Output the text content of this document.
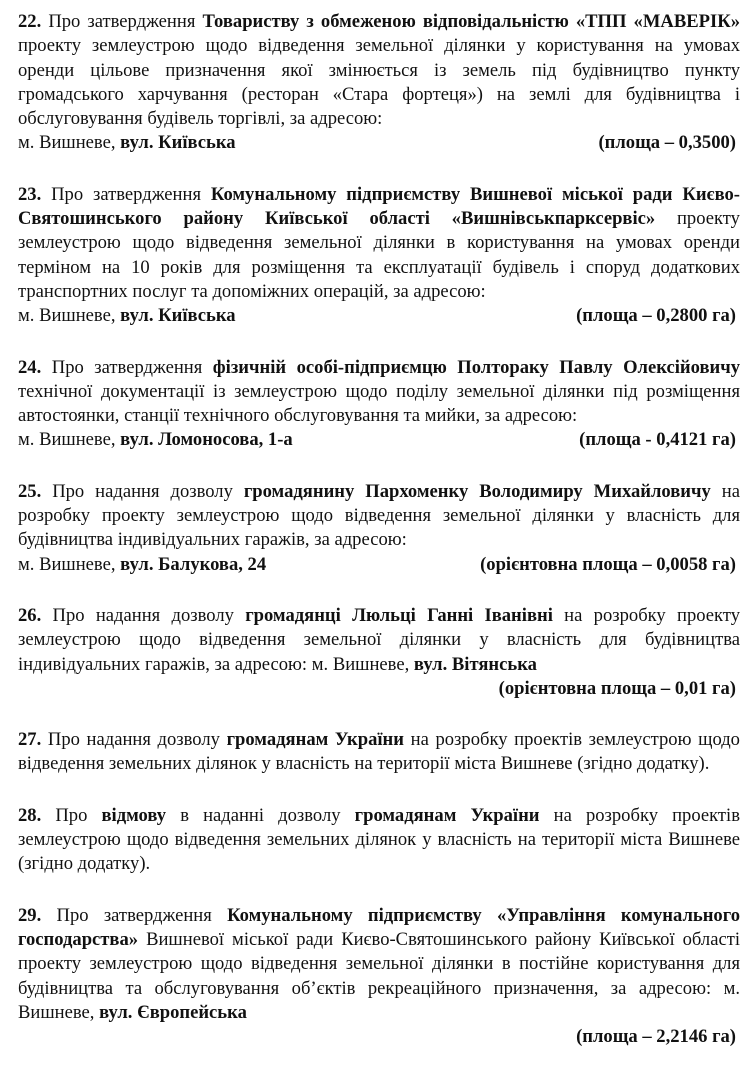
22. Про затвердження Товариству з обмеженою відповідальністю «ТПП «МАВЕРІК» проекту землеустрою щодо відведення земельної ділянки у користування на умовах оренди цільове призначення якої змінюється із земель під будівництво пункту громадського харчування (ресторан «Стара фортеця») на землі для будівництва і обслуговування будівель торгівлі, за адресою:

м. Вишневе, вул. Київська	(площа – 0,3500)

23. Про затвердження Комунальному підприємству Вишневої міської ради Києво-Святошинського району Київської області «Вишнівськпарксервіс» проекту землеустрою щодо відведення земельної ділянки в користування на умовах оренди терміном на 10 років для розміщення та експлуатації будівель і споруд додаткових транспортних послуг та допоміжних операцій, за адресою:

м. Вишневе, вул. Київська	(площа – 0,2800 га)

24. Про затвердження фізичній особі-підприємцю Полтораку Павлу Олексійовичу технічної документації із землеустрою щодо поділу земельної ділянки під розміщення автостоянки, станції технічного обслуговування та мийки, за адресою:

м. Вишневе, вул. Ломоносова, 1-а	(площа - 0,4121 га)

25. Про надання дозволу громадянину Пархоменку Володимиру Михайловичу на розробку проекту землеустрою щодо відведення земельної ділянки у власність для будівництва індивідуальних гаражів, за адресою:

м. Вишневе, вул. Балукова, 24	(орієнтовна площа – 0,0058 га)

26. Про надання дозволу громадянці Люльці Ганні Іванівні на розробку проекту землеустрою щодо відведення земельної ділянки у власність для будівництва індивідуальних гаражів, за адресою: м. Вишневе, вул. Вітянська

(орієнтовна площа – 0,01 га)

27. Про надання дозволу громадянам України на розробку проектів землеустрою щодо відведення земельних ділянок у власність на території міста Вишневе (згідно додатку).

28. Про відмову в наданні дозволу громадянам України на розробку проектів землеустрою щодо відведення земельних ділянок у власність на території міста Вишневе (згідно додатку).

29. Про затвердження Комунальному підприємству «Управління комунального господарства» Вишневої міської ради Києво-Святошинського району Київської області проекту землеустрою щодо відведення земельної ділянки в постійне користування для будівництва та обслуговування об’єктів рекреаційного призначення, за адресою: м. Вишневе, вул. Європейська

(площа – 2,2146 га)
